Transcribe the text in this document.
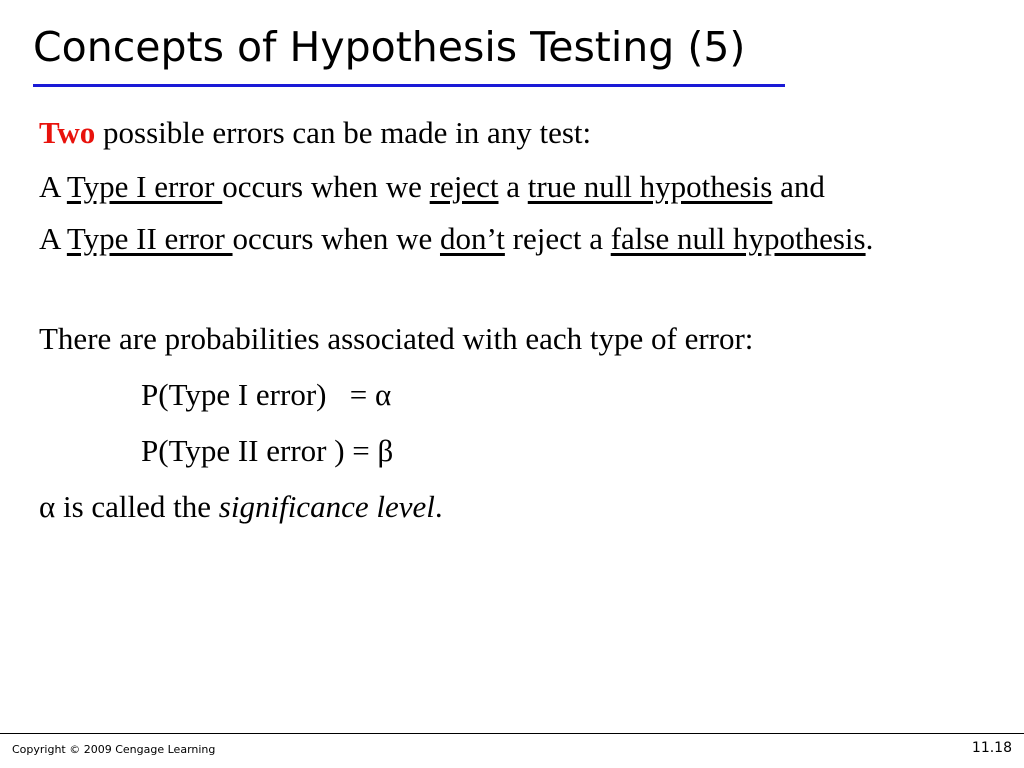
Concepts of Hypothesis Testing (5)

Two possible errors can be made in any test:

A Type I error occurs when we reject a true null hypothesis and

A Type II error occurs when we don’t reject a false null hypothesis.

There are probabilities associated with each type of error:

P(Type I error)   = α

P(Type II error ) = β

α is called the significance level.

Copyright © 2009 Cengage Learning	11.18
